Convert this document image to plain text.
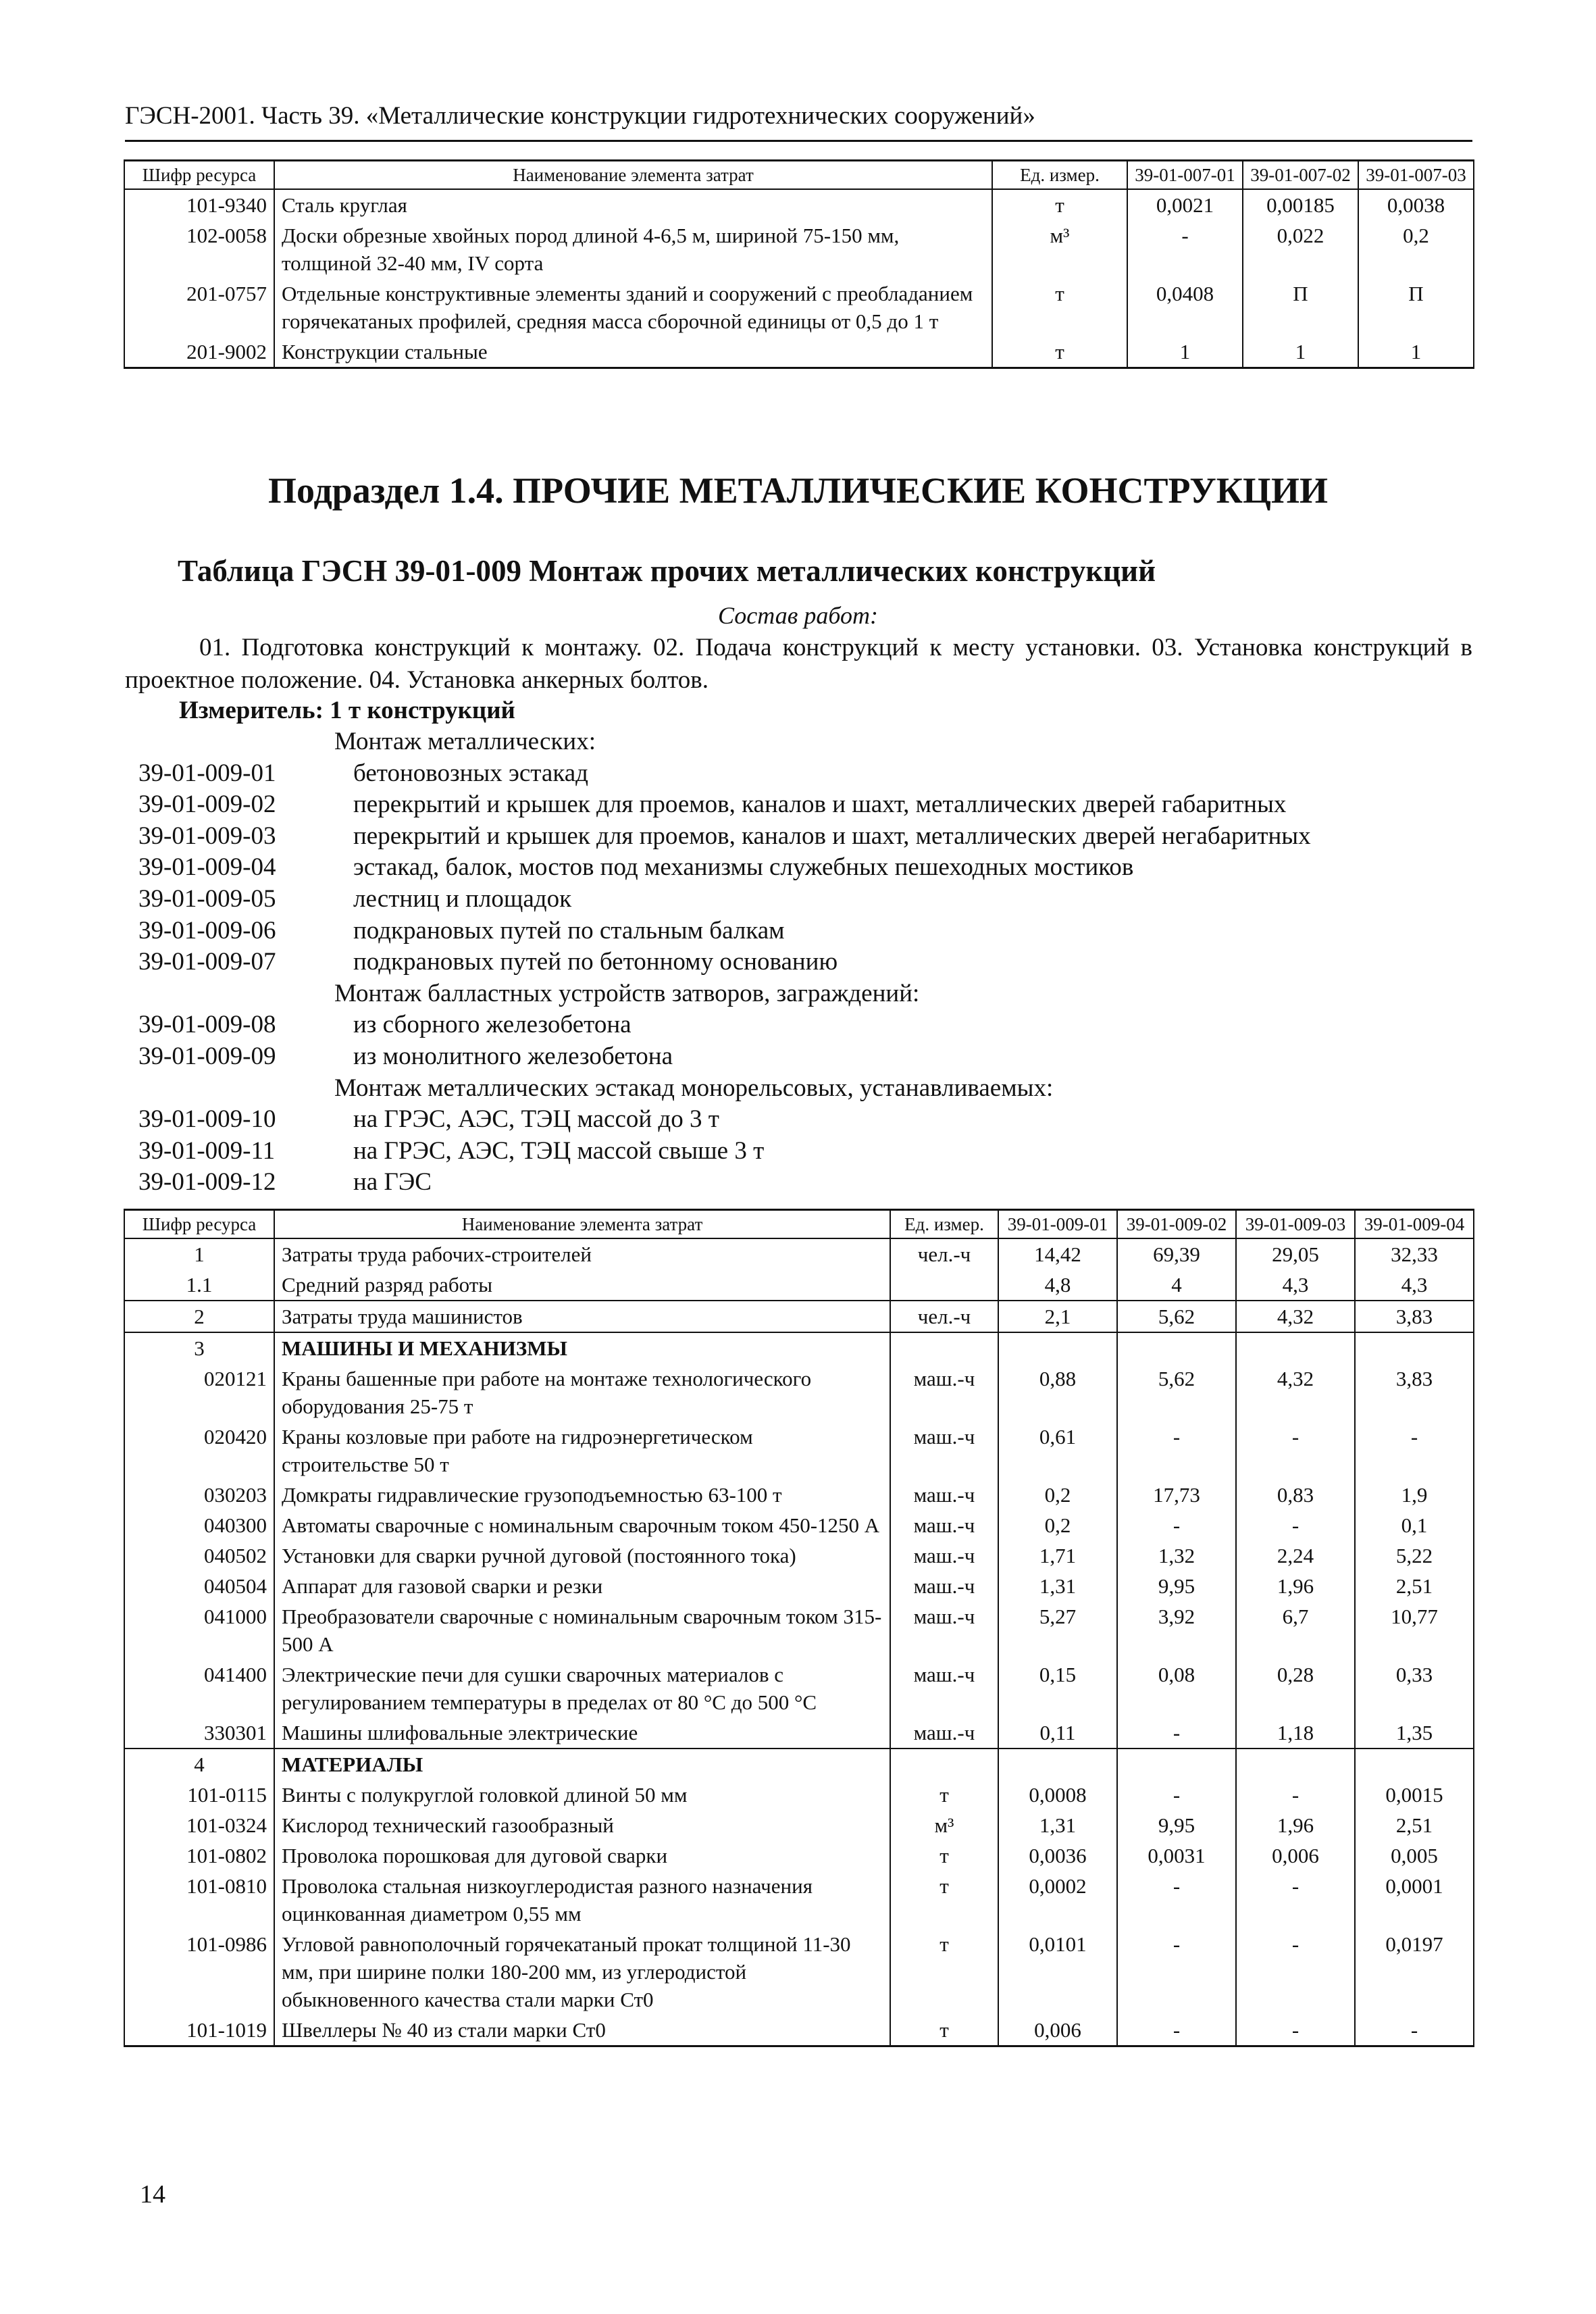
ГЭСН-2001. Часть 39. «Металлические конструкции гидротехнических сооружений»
Шифр ресурса	Наименование элемента затрат	Ед. измер.	39-01-007-01	39-01-007-02	39-01-007-03
101-9340	Сталь круглая	т	0,0021	0,00185	0,0038
102-0058	Доски обрезные хвойных пород длиной 4-6,5 м, шириной 75-150 мм, толщиной 32-40 мм, IV сорта	м³	-	0,022	0,2
201-0757	Отдельные конструктивные элементы зданий и сооружений с преобладанием горячекатаных профилей, средняя масса сборочной единицы от 0,5 до 1 т	т	0,0408	П	П
201-9002	Конструкции стальные	т	1	1	1
Подраздел 1.4. ПРОЧИЕ МЕТАЛЛИЧЕСКИЕ КОНСТРУКЦИИ
Таблица ГЭСН 39-01-009 Монтаж прочих металлических конструкций
Состав работ:
01. Подготовка конструкций к монтажу. 02. Подача конструкций к месту установки. 03. Установка конструкций в проектное положение. 04. Установка анкерных болтов.
Измеритель: 1 т конструкций
Монтаж металлических:
39-01-009-01	бетоновозных эстакад
39-01-009-02	перекрытий и крышек для проемов, каналов и шахт, металлических дверей габаритных
39-01-009-03	перекрытий и крышек для проемов, каналов и шахт, металлических дверей негабаритных
39-01-009-04	эстакад, балок, мостов под механизмы служебных пешеходных мостиков
39-01-009-05	лестниц и площадок
39-01-009-06	подкрановых путей по стальным балкам
39-01-009-07	подкрановых путей по бетонному основанию
Монтаж балластных устройств затворов, заграждений:
39-01-009-08	из сборного железобетона
39-01-009-09	из монолитного железобетона
Монтаж металлических эстакад монорельсовых, устанавливаемых:
39-01-009-10	на ГРЭС, АЭС, ТЭЦ массой до 3 т
39-01-009-11	на ГРЭС, АЭС, ТЭЦ массой свыше 3 т
39-01-009-12	на ГЭС
Шифр ресурса	Наименование элемента затрат	Ед. измер.	39-01-009-01	39-01-009-02	39-01-009-03	39-01-009-04
1	Затраты труда рабочих-строителей	чел.-ч	14,42	69,39	29,05	32,33
1.1	Средний разряд работы		4,8	4	4,3	4,3
2	Затраты труда машинистов	чел.-ч	2,1	5,62	4,32	3,83
3	МАШИНЫ И МЕХАНИЗМЫ					
020121	Краны башенные при работе на монтаже технологического оборудования 25-75 т	маш.-ч	0,88	5,62	4,32	3,83
020420	Краны козловые при работе на гидроэнергетическом строительстве 50 т	маш.-ч	0,61	-	-	-
030203	Домкраты гидравлические грузоподъемностью 63-100 т	маш.-ч	0,2	17,73	0,83	1,9
040300	Автоматы сварочные с номинальным сварочным током 450-1250 А	маш.-ч	0,2	-	-	0,1
040502	Установки для сварки ручной дуговой (постоянного тока)	маш.-ч	1,71	1,32	2,24	5,22
040504	Аппарат для газовой сварки и резки	маш.-ч	1,31	9,95	1,96	2,51
041000	Преобразователи сварочные с номинальным сварочным током 315-500 А	маш.-ч	5,27	3,92	6,7	10,77
041400	Электрические печи для сушки сварочных материалов с регулированием температуры в пределах от 80 °С до 500 °С	маш.-ч	0,15	0,08	0,28	0,33
330301	Машины шлифовальные электрические	маш.-ч	0,11	-	1,18	1,35
4	МАТЕРИАЛЫ					
101-0115	Винты с полукруглой головкой длиной 50 мм	т	0,0008	-	-	0,0015
101-0324	Кислород технический газообразный	м³	1,31	9,95	1,96	2,51
101-0802	Проволока порошковая для дуговой сварки	т	0,0036	0,0031	0,006	0,005
101-0810	Проволока стальная низкоуглеродистая разного назначения оцинкованная диаметром 0,55 мм	т	0,0002	-	-	0,0001
101-0986	Угловой равнополочный горячекатаный прокат толщиной 11-30 мм, при ширине полки 180-200 мм, из углеродистой обыкновенного качества стали марки Ст0	т	0,0101	-	-	0,0197
101-1019	Швеллеры № 40 из стали марки Ст0	т	0,006	-	-	-
14
